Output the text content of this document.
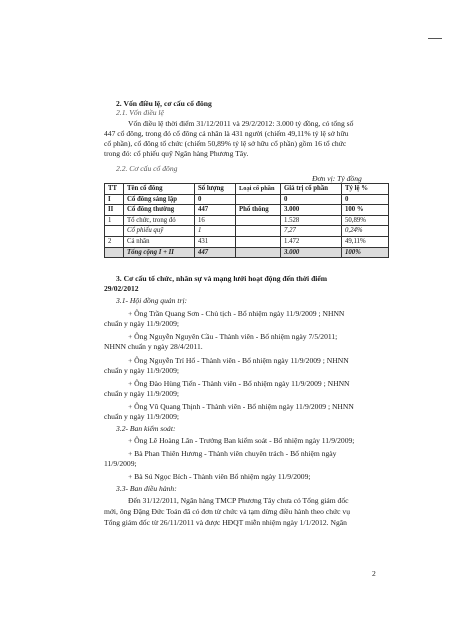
2. Vốn điều lệ, cơ cấu cổ đông
2.1. Vốn điều lệ
Vốn điều lệ thời điểm 31/12/2011 và 29/2/2012: 3.000 tỷ đồng, có tổng số
447 cổ đông, trong đó cổ đông cá nhân là 431 người (chiếm 49,11% tỷ lệ sở hữu
cổ phần), cổ đông tổ chức (chiếm 50,89% tỷ lệ sở hữu cổ phần) gồm 16 tổ chức
trong đó: cổ phiếu quỹ Ngân hàng Phương Tây.
2.2. Cơ cấu cổ đông
Đơn vị: Tỷ đồng
TT	Tên cổ đông	Số lượng	Loại cổ phần	Giá trị cổ phần	Tỷ lệ %
I	Cổ đông sáng lập	0		0	0
II	Cổ đông thường	447	Phổ thông	3.000	100 %
1	Tổ chức, trong đó	16		1.528	50,89%
	Cổ phiếu quỹ	1		7,27	0,24%
2	Cá nhân	431		1.472	49,11%
	Tổng cộng I + II	447		3.000	100%
3. Cơ cấu tổ chức, nhân sự và mạng lưới hoạt động đến thời điểm
29/02/2012
3.1- Hội đồng quản trị:
+ Ông Trần Quang Sơn - Chủ tịch - Bổ nhiệm ngày 11/9/2009 ; NHNN
chuẩn y ngày 11/9/2009;
+ Ông Nguyễn Nguyên Cầu - Thành viên - Bổ nhiệm ngày 7/5/2011;
NHNN chuẩn y ngày 28/4/2011.
+ Ông Nguyễn Trí Hổ - Thành viên - Bổ nhiệm ngày 11/9/2009 ; NHNN
chuẩn y ngày 11/9/2009;
+ Ông Đào Hùng Tiến - Thành viên - Bổ nhiệm ngày 11/9/2009 ; NHNN
chuẩn y ngày 11/9/2009;
+ Ông Vũ Quang Thịnh - Thành viên - Bổ nhiệm ngày 11/9/2009 ; NHNN
chuẩn y ngày 11/9/2009;
3.2- Ban kiểm soát:
+ Ông Lê Hoàng Lân - Trưởng Ban kiểm soát - Bổ nhiệm ngày 11/9/2009;
+ Bà Phan Thiên Hương - Thành viên chuyên trách - Bổ nhiệm ngày
11/9/2009;
+ Bà Sú Ngọc Bích - Thành viên Bổ nhiệm ngày 11/9/2009;
3.3- Ban điều hành:
Đến 31/12/2011, Ngân hàng TMCP Phương Tây chưa có Tổng giám đốc
mới, ông Đặng Đức Toản đã có đơn từ chức và tạm dừng điều hành theo chức vụ
Tổng giám đốc từ 26/11/2011 và được HĐQT miễn nhiệm ngày 1/1/2012. Ngân
2
